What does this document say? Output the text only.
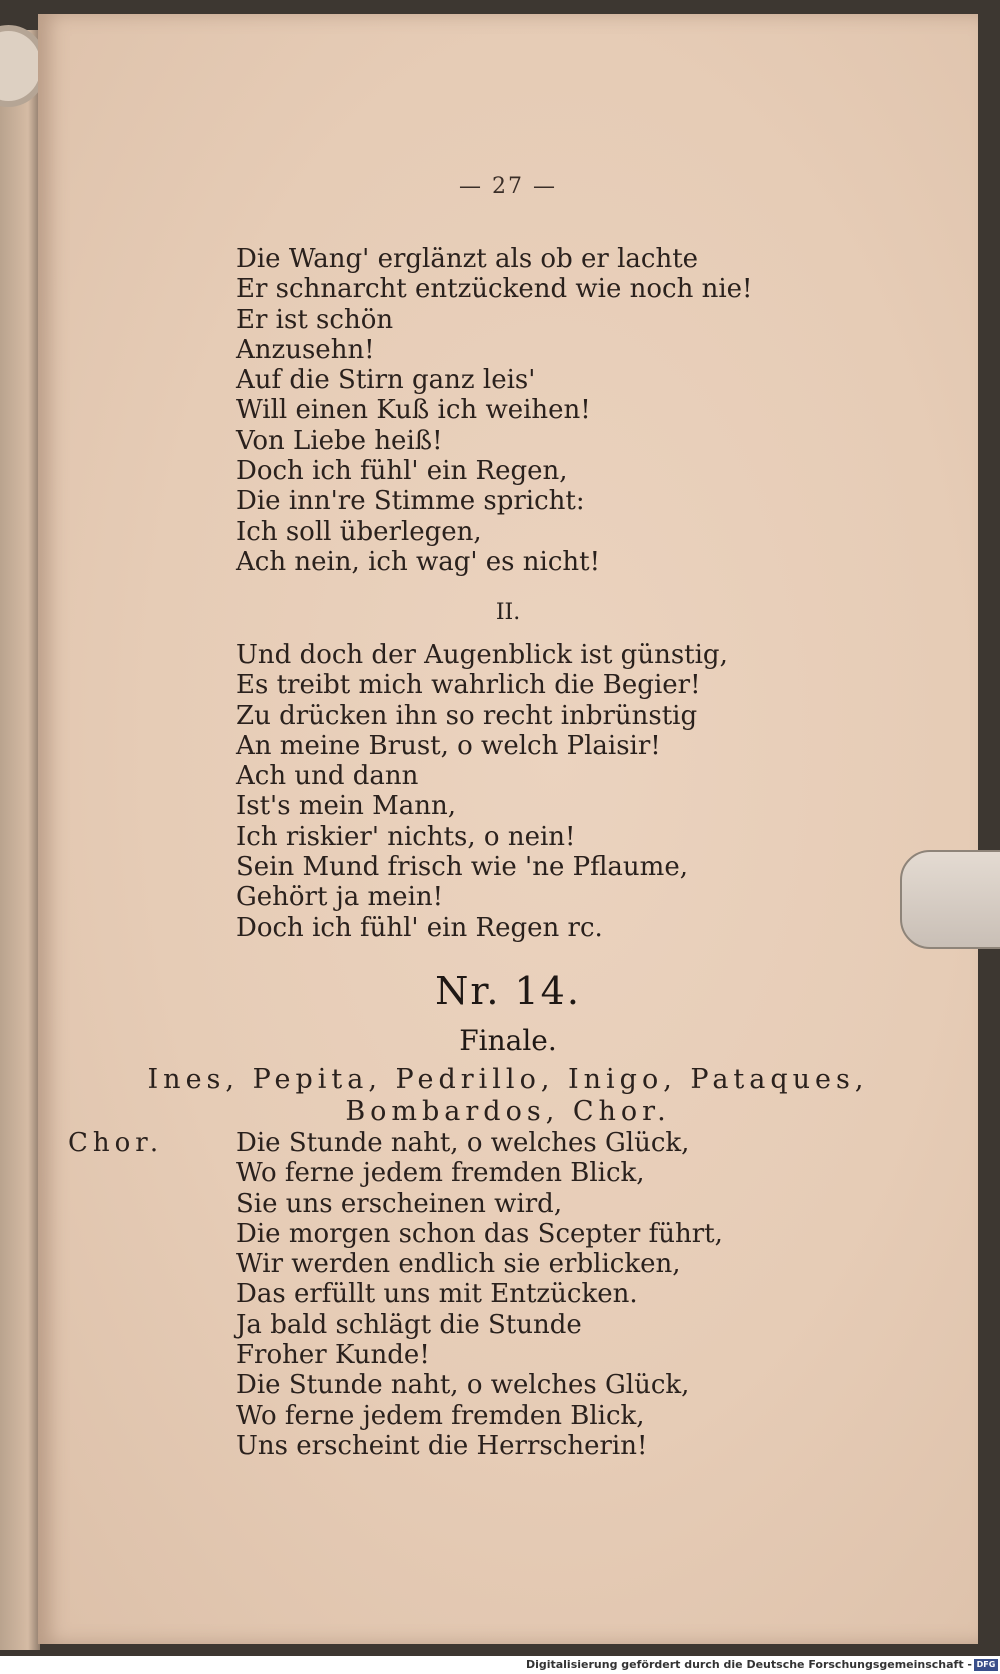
— 27 —
Die Wang' erglänzt als ob er lachte
Er schnarcht entzückend wie noch nie!
Er ist schön
Anzusehn!
Auf die Stirn ganz leis'
Will einen Kuß ich weihen!
Von Liebe heiß!
Doch ich fühl' ein Regen,
Die inn're Stimme spricht:
Ich soll überlegen,
Ach nein, ich wag' es nicht!
II.
Und doch der Augenblick ist günstig,
Es treibt mich wahrlich die Begier!
Zu drücken ihn so recht inbrünstig
An meine Brust, o welch Plaisir!
Ach und dann
Ist's mein Mann,
Ich riskier' nichts, o nein!
Sein Mund frisch wie 'ne Pflaume,
Gehört ja mein!
Doch ich fühl' ein Regen rc.
Nr. 14.
Finale.
Ines, Pepita, Pedrillo, Inigo, Pataques,
Bombardos, Chor.
Chor.	Die Stunde naht, o welches Glück,
Wo ferne jedem fremden Blick,
Sie uns erscheinen wird,
Die morgen schon das Scepter führt,
Wir werden endlich sie erblicken,
Das erfüllt uns mit Entzücken.
Ja bald schlägt die Stunde
Froher Kunde!
Die Stunde naht, o welches Glück,
Wo ferne jedem fremden Blick,
Uns erscheint die Herrscherin!
Digitalisierung gefördert durch die Deutsche Forschungsgemeinschaft - DFG
